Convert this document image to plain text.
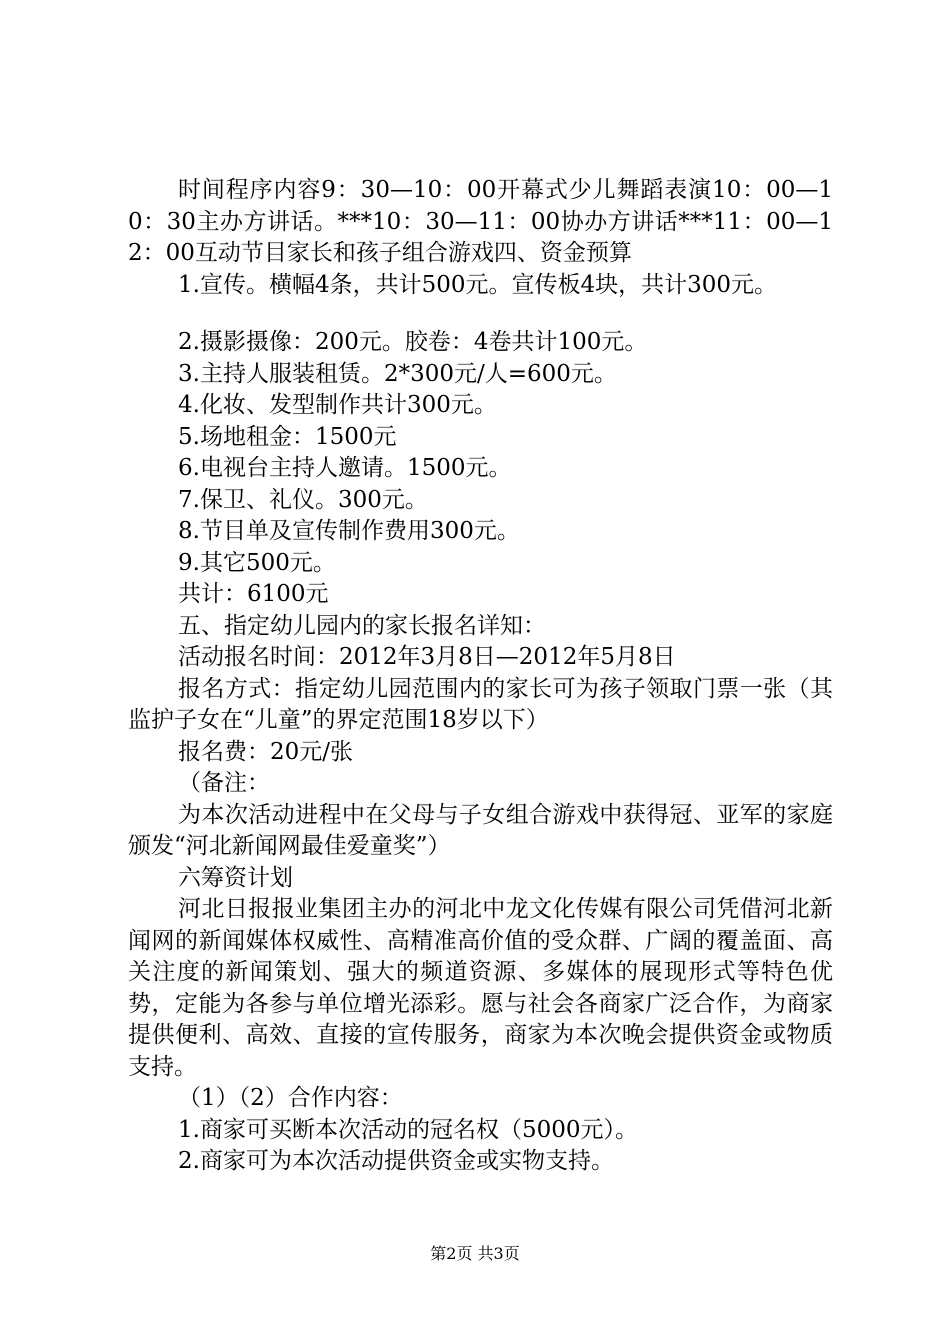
时间程序内容9：30—10：00开幕式少儿舞蹈表演10：00—10：30主办方讲话。***10：30—11：00协办方讲话***11：00—12：00互动节目家长和孩子组合游戏四、资金预算

1.宣传。横幅4条，共计500元。宣传板4块，共计300元。

2.摄影摄像：200元。胶卷：4卷共计100元。

3.主持人服装租赁。2*300元/人=600元。

4.化妆、发型制作共计300元。

5.场地租金：1500元

6.电视台主持人邀请。1500元。

7.保卫、礼仪。300元。

8.节目单及宣传制作费用300元。

9.其它500元。

共计：6100元

五、指定幼儿园内的家长报名详知：

活动报名时间：2012年3月8日—2012年5月8日

报名方式：指定幼儿园范围内的家长可为孩子领取门票一张（其监护子女在“儿童”的界定范围18岁以下）

报名费：20元/张

（备注：

为本次活动进程中在父母与子女组合游戏中获得冠、亚军的家庭颁发“河北新闻网最佳爱童奖”）

六筹资计划

河北日报报业集团主办的河北中龙文化传媒有限公司凭借河北新闻网的新闻媒体权威性、高精准高价值的受众群、广阔的覆盖面、高关注度的新闻策划、强大的频道资源、多媒体的展现形式等特色优势，定能为各参与单位增光添彩。愿与社会各商家广泛合作，为商家提供便利、高效、直接的宣传服务，商家为本次晚会提供资金或物质支持。

（1）（2）合作内容：

1.商家可买断本次活动的冠名权（5000元）。

2.商家可为本次活动提供资金或实物支持。

第2页 共3页
